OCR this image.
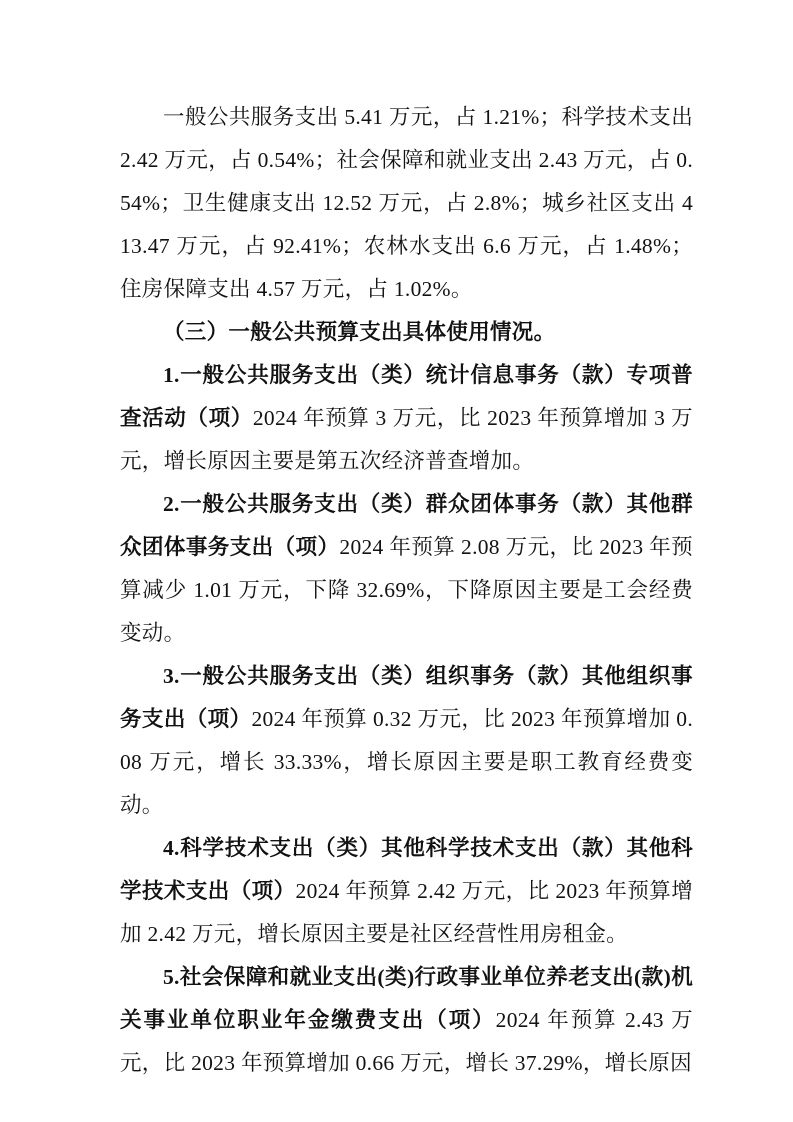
一般公共服务支出 5.41 万元，占 1.21%；科学技术支出 2.42 万元，占 0.54%；社会保障和就业支出 2.43 万元，占 0.54%；卫生健康支出 12.52 万元，占 2.8%；城乡社区支出 413.47 万元，占 92.41%；农林水支出 6.6 万元，占 1.48%；住房保障支出 4.57 万元，占 1.02%。

（三）一般公共预算支出具体使用情况。

1.一般公共服务支出（类）统计信息事务（款）专项普查活动（项）2024 年预算 3 万元，比 2023 年预算增加 3 万元，增长原因主要是第五次经济普查增加。

2.一般公共服务支出（类）群众团体事务（款）其他群众团体事务支出（项）2024 年预算 2.08 万元，比 2023 年预算减少 1.01 万元，下降 32.69%，下降原因主要是工会经费变动。

3.一般公共服务支出（类）组织事务（款）其他组织事务支出（项）2024 年预算 0.32 万元，比 2023 年预算增加 0.08 万元，增长 33.33%，增长原因主要是职工教育经费变动。

4.科学技术支出（类）其他科学技术支出（款）其他科学技术支出（项）2024 年预算 2.42 万元，比 2023 年预算增加 2.42 万元，增长原因主要是社区经营性用房租金。

5.社会保障和就业支出(类)行政事业单位养老支出(款)机关事业单位职业年金缴费支出（项）2024 年预算 2.43 万元，比 2023 年预算增加 0.66 万元，增长 37.29%，增长原因
